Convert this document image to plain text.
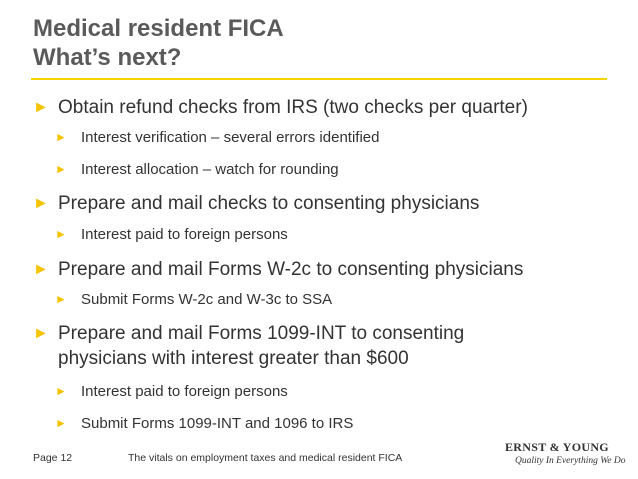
Medical resident FICA
What’s next?
► Obtain refund checks from IRS (two checks per quarter)
► Interest verification – several errors identified
► Interest allocation – watch for rounding
► Prepare and mail checks to consenting physicians
► Interest paid to foreign persons
► Prepare and mail Forms W-2c to consenting physicians
► Submit Forms W-2c and W-3c to SSA
► Prepare and mail Forms 1099-INT to consenting
physicians with interest greater than $600
► Interest paid to foreign persons
► Submit Forms 1099-INT and 1096 to IRS
Page 12	The vitals on employment taxes and medical resident FICA
ERNST & YOUNG
Quality In Everything We Do
